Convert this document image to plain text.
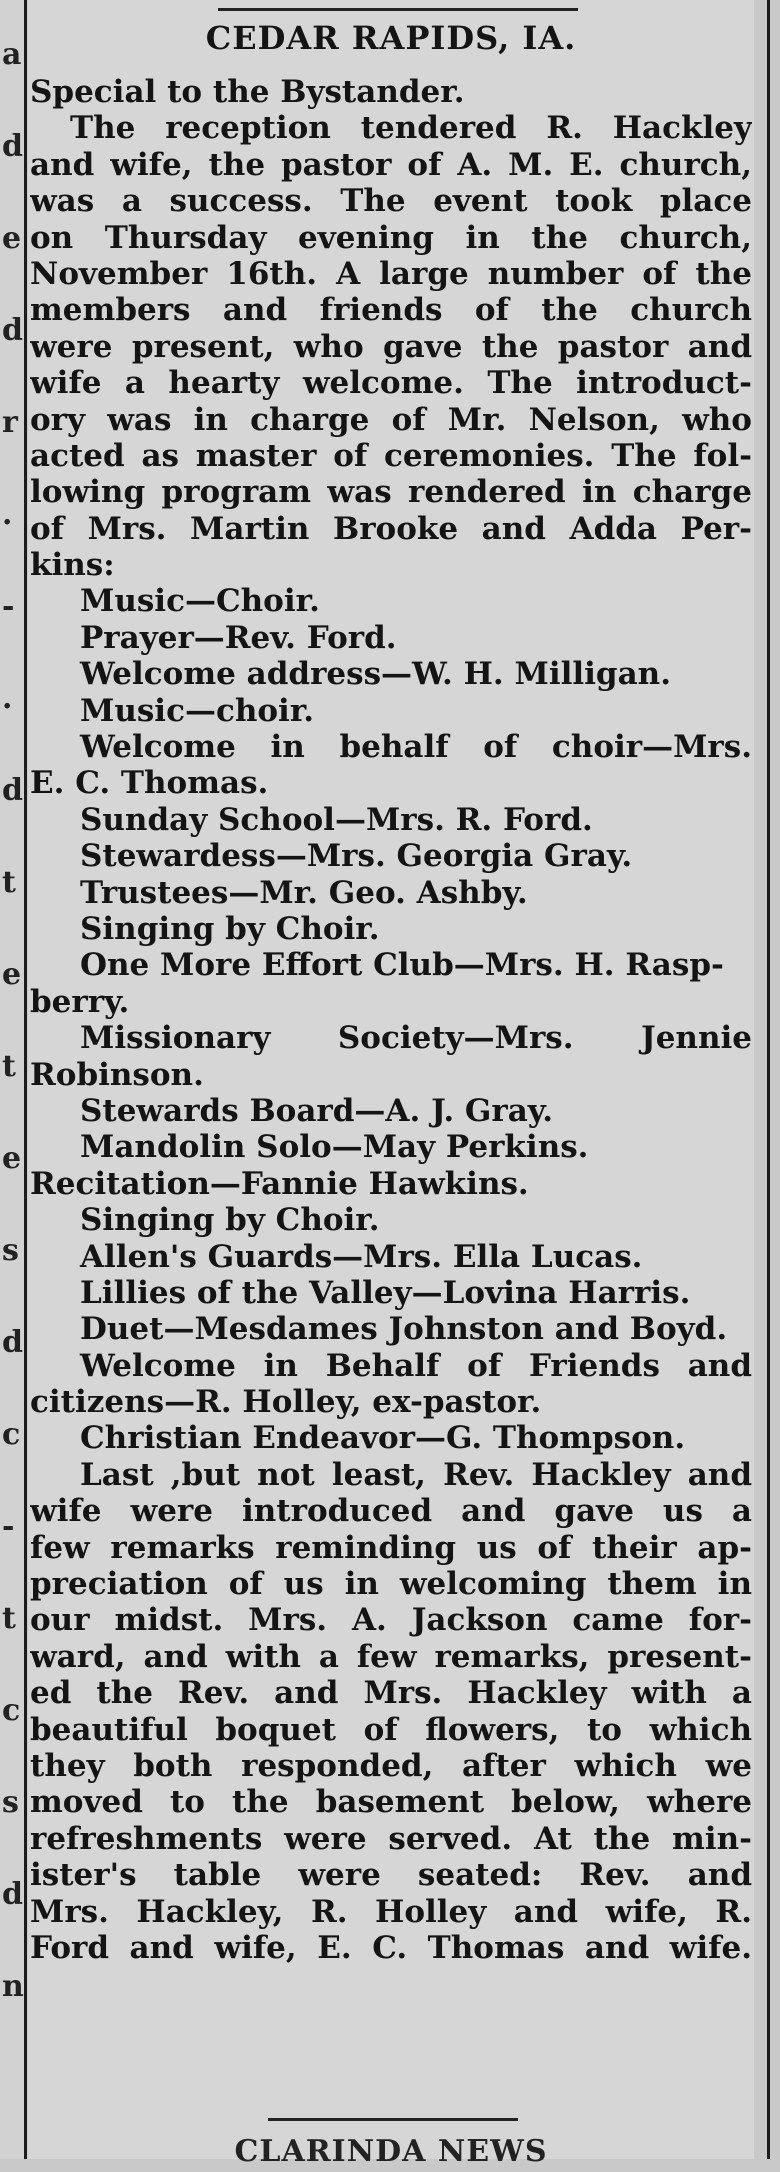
a
d
e
d
r
.
-
.
d
t
e
t
e
s
d
c
-
t
c
s
d
n
CEDAR RAPIDS, IA.
Special to the Bystander.
The reception tendered R. Hackley
and wife, the pastor of A. M. E. church,
was a success. The event took place
on Thursday evening in the church,
November 16th. A large number of the
members and friends of the church
were present, who gave the pastor and
wife a hearty welcome. The introduct-
ory was in charge of Mr. Nelson, who
acted as master of ceremonies. The fol-
lowing program was rendered in charge
of Mrs. Martin Brooke and Adda Per-
kins:
Music—Choir.
Prayer—Rev. Ford.
Welcome address—W. H. Milligan.
Music—choir.
Welcome in behalf of choir—Mrs.
E. C. Thomas.
Sunday School—Mrs. R. Ford.
Stewardess—Mrs. Georgia Gray.
Trustees—Mr. Geo. Ashby.
Singing by Choir.
One More Effort Club—Mrs. H. Rasp-
berry.
Missionary Society—Mrs. Jennie
Robinson.
Stewards Board—A. J. Gray.
Mandolin Solo—May Perkins.
Recitation—Fannie Hawkins.
Singing by Choir.
Allen's Guards—Mrs. Ella Lucas.
Lillies of the Valley—Lovina Harris.
Duet—Mesdames Johnston and Boyd.
Welcome in Behalf of Friends and
citizens—R. Holley, ex-pastor.
Christian Endeavor—G. Thompson.
Last ,but not least, Rev. Hackley and
wife were introduced and gave us a
few remarks reminding us of their ap-
preciation of us in welcoming them in
our midst. Mrs. A. Jackson came for-
ward, and with a few remarks, present-
ed the Rev. and Mrs. Hackley with a
beautiful boquet of flowers, to which
they both responded, after which we
moved to the basement below, where
refreshments were served. At the min-
ister's table were seated: Rev. and
Mrs. Hackley, R. Holley and wife, R.
Ford and wife, E. C. Thomas and wife.
CLARINDA NEWS
